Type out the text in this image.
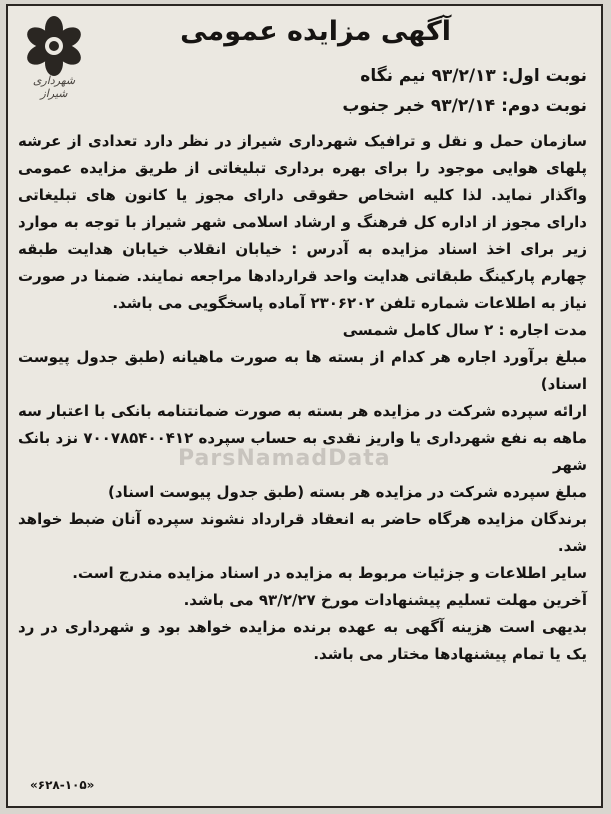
شهرداری شیراز
آگهی مزایده عمومی
نوبت اول: ۹۳/۲/۱۳ نیم نگاه
نوبت دوم: ۹۳/۲/۱۴ خبر جنوب
ParsNamadData

سازمان حمل و نقل و ترافیک شهرداری شیراز در نظر دارد تعدادی از عرشه پلهای هوایی موجود را برای بهره برداری تبلیغاتی از طریق مزایده عمومی واگذار نماید. لذا کلیه اشخاص حقوقی دارای مجوز یا کانون های تبلیغاتی دارای مجوز از اداره کل فرهنگ و ارشاد اسلامی شهر شیراز با توجه به موارد زیر برای اخذ اسناد مزایده به آدرس : خیابان انقلاب خیابان هدایت طبقه چهارم پارکینگ طبقاتی هدایت واحد قراردادها مراجعه نمایند. ضمنا در صورت نیاز به اطلاعات شماره تلفن ۲۳۰۶۲۰۲ آماده پاسخگویی می باشد.

مدت اجاره : ۲ سال کامل شمسی

مبلغ برآورد اجاره هر کدام از بسته ها به صورت ماهیانه (طبق جدول پیوست اسناد)

ارائه سپرده شرکت در مزایده هر بسته به صورت ضمانتنامه بانکی با اعتبار سه ماهه به نفع شهرداری یا واریز نقدی به حساب سپرده ۷۰۰۷۸۵۴۰۰۴۱۲ نزد بانک شهر

مبلغ سپرده شرکت در مزایده هر بسته (طبق جدول پیوست اسناد)

برندگان مزایده هرگاه حاضر به انعقاد قرارداد نشوند سپرده آنان ضبط خواهد شد.

سایر اطلاعات و جزئیات مربوط به مزایده در اسناد مزایده مندرج است.

آخرین مهلت تسلیم پیشنهادات مورخ ۹۳/۲/۲۷ می باشد.

بدیهی است هزینه آگهی به عهده برنده مزایده خواهد بود و شهرداری در رد یک یا تمام پیشنهادها مختار می باشد.

«۶۲۸-۱۰۵»
